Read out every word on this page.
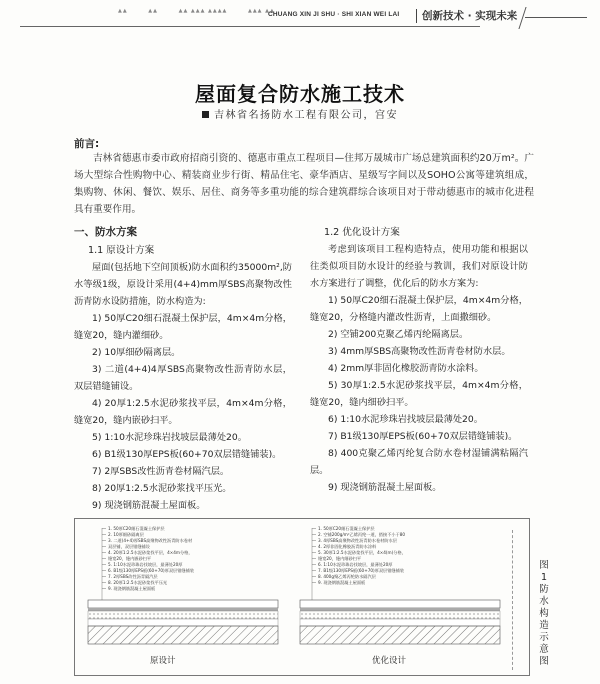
▲▲	▲▲	▲▲ ▲▲▲ ▲▲▲▲	▲▲▲ ▲▲
CHUANG XIN JI SHU · SHI XIAN WEI LAI 创新技术 · 实现未来
屋面复合防水施工技术
吉林省名扬防水工程有限公司，宫安
前言:
吉林省德惠市委市政府招商引资的、德惠市重点工程项目—住邦万晟城市广场总建筑面积约20万m²。广场大型综合性购物中心、精装商业步行街、精品住宅、豪华酒店、星级写字间以及SOHO公寓等建筑组成，集购物、休闲、餐饮、娱乐、居住、商务等多重功能的综合建筑群综合该项目对于带动德惠市的城市化进程具有重要作用。

一、防水方案

1.1 原设计方案

屋面(包括地下空间顶板)防水面积约35000m²,防水等级1级，原设计采用(4+4)mm厚SBS高聚物改性沥青防水设防措施，防水构造为:

1) 50厚C20细石混凝土保护层，4m×4m分格，缝宽20，缝内灌细砂。

2) 10厚细砂隔离层。

3) 二道(4+4)4厚SBS高聚物改性沥青防水层，双层错缝铺设。

4) 20厚1:2.5水泥砂浆找平层，4m×4m分格，缝宽20，缝内嵌砂扫平。

5) 1:10水泥珍珠岩找坡层最薄处20。

6) B1级130厚EPS板(60+70双层错缝铺装)。

7) 2厚SBS改性沥青卷材隔汽层。

8) 20厚1:2.5水泥砂浆找平压光。

9) 现浇钢筋混凝土屋面板。

1.2 优化设计方案

考虑到该项目工程构造特点，使用功能和根据以往类似项目防水设计的经验与教训，我们对原设计防水方案进行了调整，优化后的防水方案为:

1) 50厚C20细石混凝土保护层，4m×4m分格，缝宽20，分格缝内灌改性沥青，上面撒细砂。

2) 空铺200克聚乙烯丙纶隔离层。

3) 4mm厚SBS高聚物改性沥青卷材防水层。

4) 2mm厚非固化橡胶沥青防水涂料。

5) 30厚1:2.5水泥砂浆找平层，4m×4m分格，缝宽20，缝内细砂扫平。

6) 1:10水泥珍珠岩找坡层最薄处20。

7) B1级130厚EPS板(60+70双层错缝铺装)。

8) 400克聚乙烯丙纶复合防水卷材湿铺满粘隔汽层。

9) 现浇钢筋混凝土屋面板。

1. 50厚C20细石混凝土保护层
2. 10厚细砂隔离层
3. 二道(4+4)厚SBS高聚物改性沥青防水卷材
双层铺，双层错缝铺设
4. 20厚1:2.5水泥砂浆找平层，4×4m分格，
缝宽20，缝内嵌砂扫平
5. 1:10水泥珍珠岩找坡层，最薄处20厚
6. B1级130厚EPS板(60+70)厚双层错缝铺装
7. 2厚SBS改性沥青隔汽层
8. 20厚1:2.5水泥砂浆找平压光
9. 现浇钢筋混凝土屋面板
1. 50厚C20细石混凝土保护层
2. 空铺200g/m²乙烯丙纶一道，搭接不小于80
3. 4厚SBS高聚物改性沥青防水卷材防水层
4. 2厚非固化橡胶沥青防水涂料
5. 30厚1:2.5水泥砂浆找平层，4×4(m)分格，
缝宽20，缝内细砂扫平
6. 1:10水泥珍珠岩找坡层，最薄处20厚
7. B1级130厚EPS板(60+70)厚双层错缝铺装
8. 400g聚乙烯丙纶防水隔汽层
9. 现浇钢筋混凝土屋面板
原设计	优化设计
图1 防水构造示意图
